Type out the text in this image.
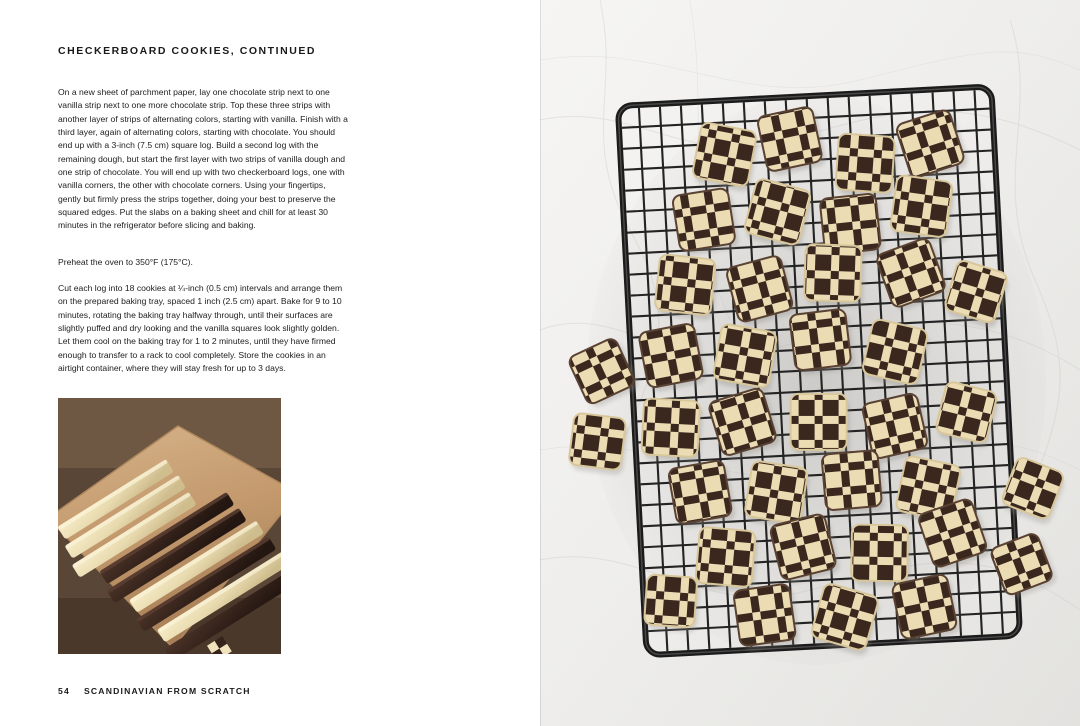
CHECKERBOARD COOKIES, CONTINUED
On a new sheet of parchment paper, lay one chocolate strip next to one vanilla strip next to one more chocolate strip. Top these three strips with another layer of strips of alternating colors, starting with vanilla. Finish with a third layer, again of alternating colors, starting with chocolate. You should end up with a 3-inch (7.5 cm) square log. Build a second log with the remaining dough, but start the first layer with two strips of vanilla dough and one strip of chocolate. You will end up with two checkerboard logs, one with vanilla corners, the other with chocolate corners. Using your fingertips, gently but firmly press the strips together, doing your best to preserve the squared edges. Put the slabs on a baking sheet and chill for at least 30 minutes in the refrigerator before slicing and baking.
Preheat the oven to 350°F (175°C).
Cut each log into 18 cookies at ¼-inch (0.5 cm) intervals and arrange them on the prepared baking tray, spaced 1 inch (2.5 cm) apart. Bake for 9 to 10 minutes, rotating the baking tray halfway through, until their surfaces are slightly puffed and dry looking and the vanilla squares look slightly golden. Let them cool on the baking tray for 1 to 2 minutes, until they have firmed enough to transfer to a rack to cool completely. Store the cookies in an airtight container, where they will stay fresh for up to 3 days.
54 SCANDINAVIAN FROM SCRATCH
